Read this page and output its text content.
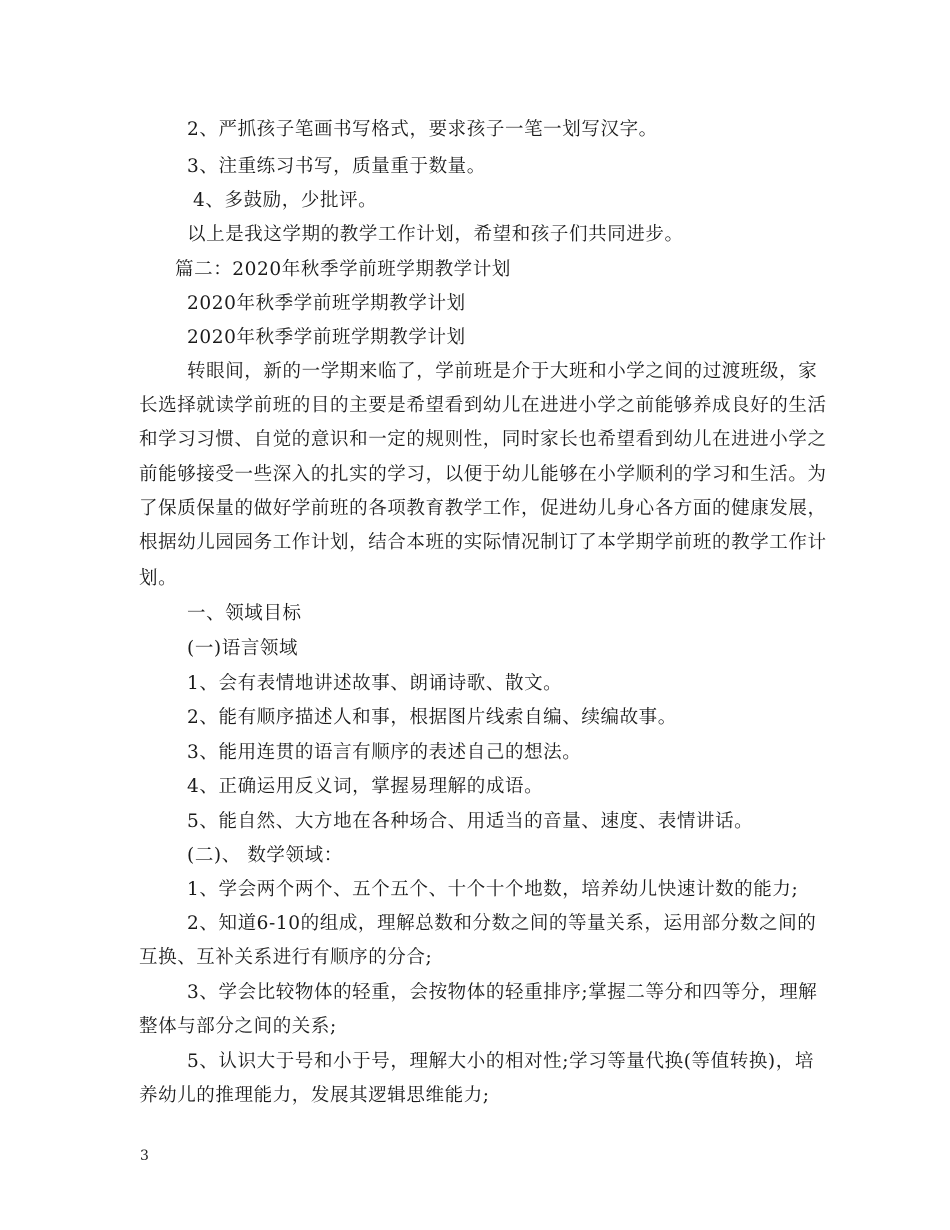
2、严抓孩子笔画书写格式，要求孩子一笔一划写汉字。
3、注重练习书写，质量重于数量。
4、多鼓励，少批评。
以上是我这学期的教学工作计划，希望和孩子们共同进步。
篇二：2020年秋季学前班学期教学计划
2020年秋季学前班学期教学计划
2020年秋季学前班学期教学计划
转眼间，新的一学期来临了，学前班是介于大班和小学之间的过渡班级，家
长选择就读学前班的目的主要是希望看到幼儿在进进小学之前能够养成良好的生活
和学习习惯、自觉的意识和一定的规则性，同时家长也希望看到幼儿在进进小学之
前能够接受一些深入的扎实的学习，以便于幼儿能够在小学顺利的学习和生活。为
了保质保量的做好学前班的各项教育教学工作，促进幼儿身心各方面的健康发展，
根据幼儿园园务工作计划，结合本班的实际情况制订了本学期学前班的教学工作计
划。
一、领域目标
(一)语言领域
1、会有表情地讲述故事、朗诵诗歌、散文。
2、能有顺序描述人和事，根据图片线索自编、续编故事。
3、能用连贯的语言有顺序的表述自己的想法。
4、正确运用反义词，掌握易理解的成语。
5、能自然、大方地在各种场合、用适当的音量、速度、表情讲话。
(二)、 数学领域：
1、学会两个两个、五个五个、十个十个地数，培养幼儿快速计数的能力;
2、知道6-10的组成，理解总数和分数之间的等量关系，运用部分数之间的
互换、互补关系进行有顺序的分合;
3、学会比较物体的轻重，会按物体的轻重排序;掌握二等分和四等分，理解
整体与部分之间的关系;
5、认识大于号和小于号，理解大小的相对性;学习等量代换(等值转换)，培
养幼儿的推理能力，发展其逻辑思维能力;
3
